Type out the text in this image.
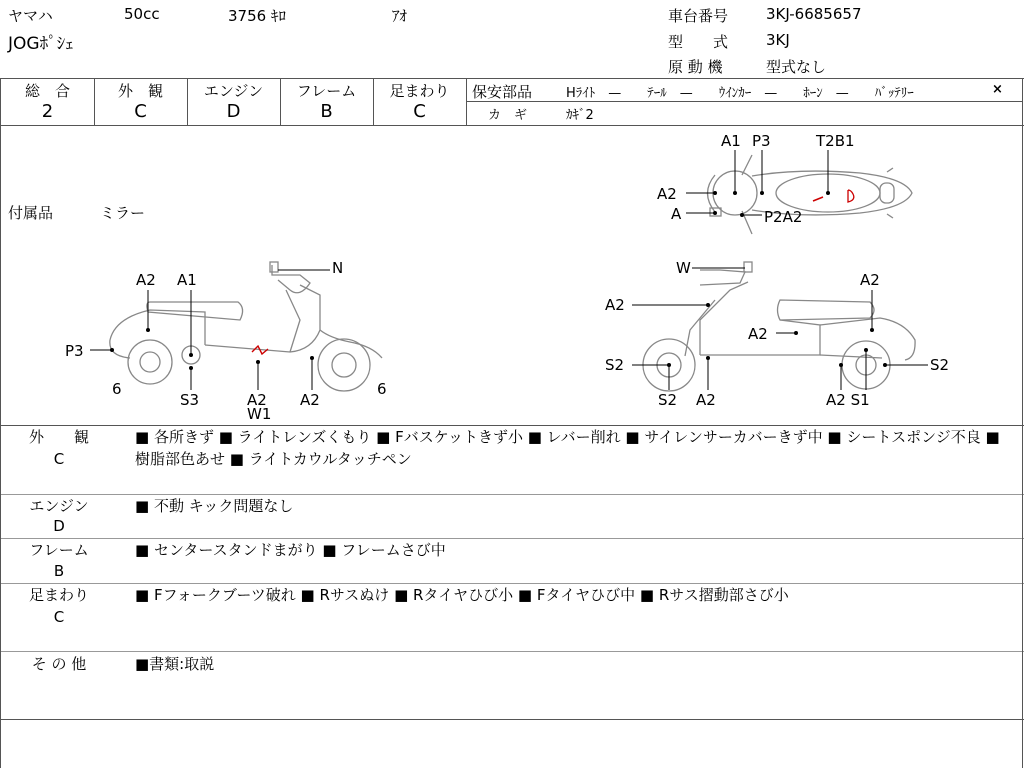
ヤマハ	50cc	3756 ｷﾛ	ｱｵ
JOGﾎﾟｼｪ
車台番号	3KJ-6685657
型　　式	3KJ
原 動 機	型式なし
総　合
2
外　観
C
エンジン
D
フレーム
B
足まわり
C
保安部品	Hﾗｲﾄ　—　　ﾃｰﾙ　—　　ｳｲﾝｶｰ　—　　ﾎｰﾝ　—　　ﾊﾞｯﾃﾘｰ	×
カ　ギ	ｶｷﾞ2
付属品	ミラー
A1 P3	T2B1
A2
A	P2A2
A2 A1
N
P3
6
S3	A2
W1
A2
6
W
A2
A2
A2
S2
S2 A2	A2 S1
S2
外　　観
C
■ 各所きず ■ ライトレンズくもり ■ Fバスケットきず小 ■ レバー削れ ■ サイレンサーカバーきず中 ■ シートスポンジ不良 ■ 樹脂部色あせ ■ ライトカウルタッチペン
エンジン
D
■ 不動 キック問題なし
フレーム
B
■ センタースタンドまがり ■ フレームさび中
足まわり
C
■ Fフォークブーツ破れ ■ Rサスぬけ ■ Rタイヤひび小 ■ Fタイヤひび中 ■ Rサス摺動部さび小
そ の 他	■書類:取説
